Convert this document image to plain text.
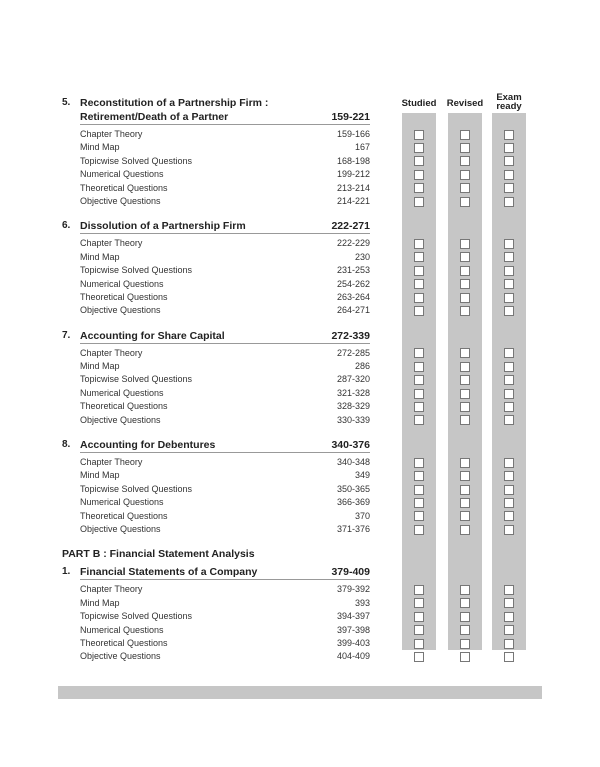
Studied	Revised
Exam
ready
5. Reconstitution of a Partnership Firm :
Retirement/Death of a Partner	159-221
Chapter Theory	159-166
Mind Map	167
Topicwise Solved Questions	168-198
Numerical Questions	199-212
Theoretical Questions	213-214
Objective Questions	214-221
6. Dissolution of a Partnership Firm	222-271
Chapter Theory	222-229
Mind Map	230
Topicwise Solved Questions	231-253
Numerical Questions	254-262
Theoretical Questions	263-264
Objective Questions	264-271
7. Accounting for Share Capital	272-339
Chapter Theory	272-285
Mind Map	286
Topicwise Solved Questions	287-320
Numerical Questions	321-328
Theoretical Questions	328-329
Objective Questions	330-339
8. Accounting for Debentures	340-376
Chapter Theory	340-348
Mind Map	349
Topicwise Solved Questions	350-365
Numerical Questions	366-369
Theoretical Questions	370
Objective Questions	371-376
PART B : Financial Statement Analysis
1. Financial Statements of a Company	379-409
Chapter Theory	379-392
Mind Map	393
Topicwise Solved Questions	394-397
Numerical Questions	397-398
Theoretical Questions	399-403
Objective Questions	404-409
